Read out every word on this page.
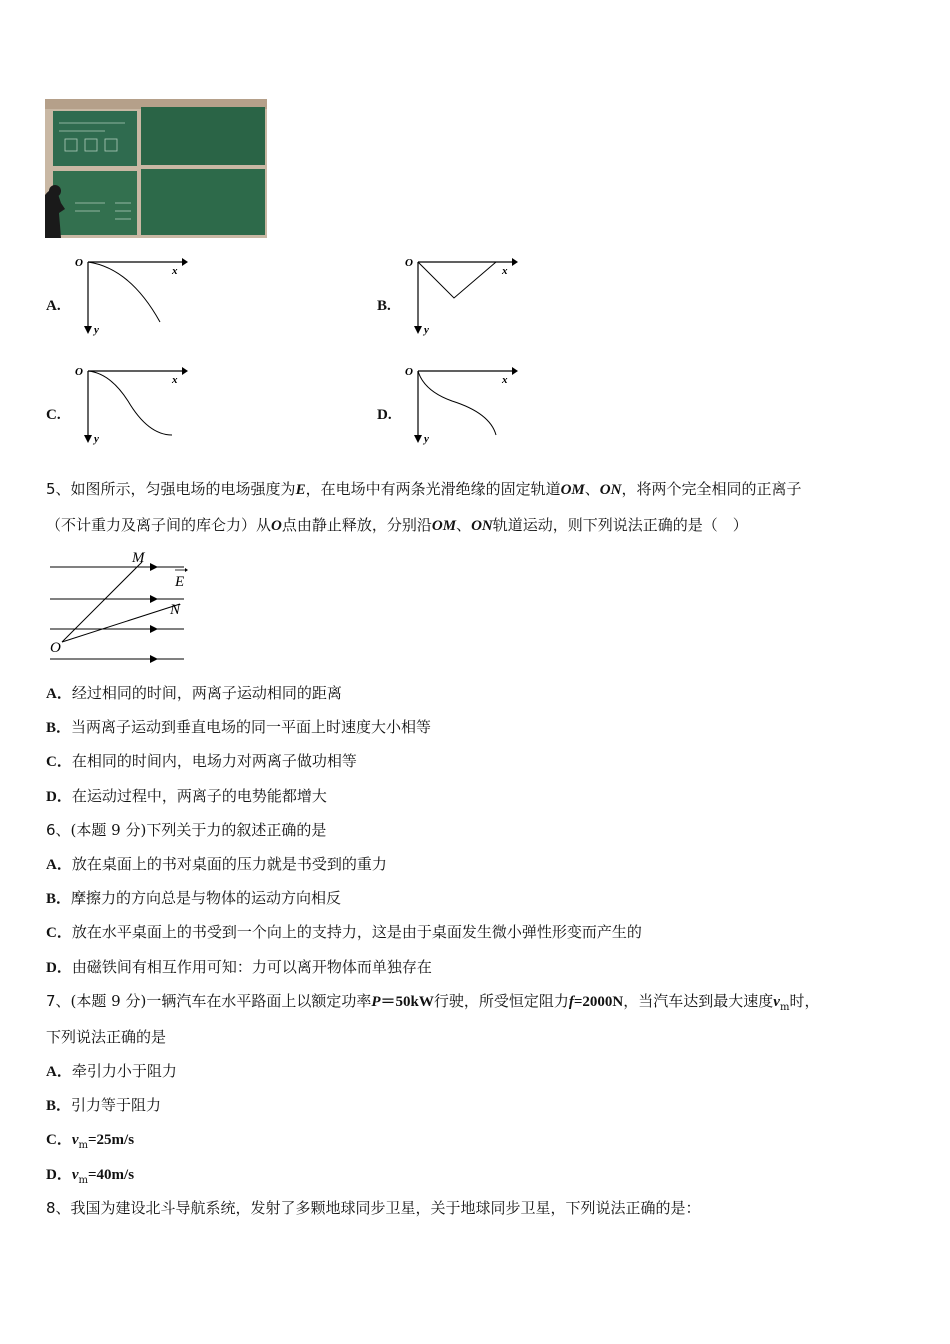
A.
O
x
y
B.
O
x
y
C.
O
x
y
D.
O
x
y
5、如图所示，匀强电场的电场强度为E，在电场中有两条光滑绝缘的固定轨道OM、ON，将两个完全相同的正离子
（不计重力及离子间的库仑力）从O点由静止释放，分别沿OM、ON轨道运动，则下列说法正确的是（　）
M
N
O
E
A．经过相同的时间，两离子运动相同的距离
B．当两离子运动到垂直电场的同一平面上时速度大小相等
C．在相同的时间内，电场力对两离子做功相等
D．在运动过程中，两离子的电势能都增大
6、(本题 9 分)下列关于力的叙述正确的是
A．放在桌面上的书对桌面的压力就是书受到的重力
B．摩擦力的方向总是与物体的运动方向相反
C．放在水平桌面上的书受到一个向上的支持力，这是由于桌面发生微小弹性形变而产生的
D．由磁铁间有相互作用可知：力可以离开物体而单独存在
7、(本题 9 分)一辆汽车在水平路面上以额定功率P＝50kW行驶，所受恒定阻力f=2000N，当汽车达到最大速度$v_m$时，
下列说法正确的是
A．牵引力小于阻力
B．引力等于阻力
C．$v_m=25m/s$
D．$v_m=40m/s$
8、我国为建设北斗导航系统，发射了多颗地球同步卫星，关于地球同步卫星，下列说法正确的是：
